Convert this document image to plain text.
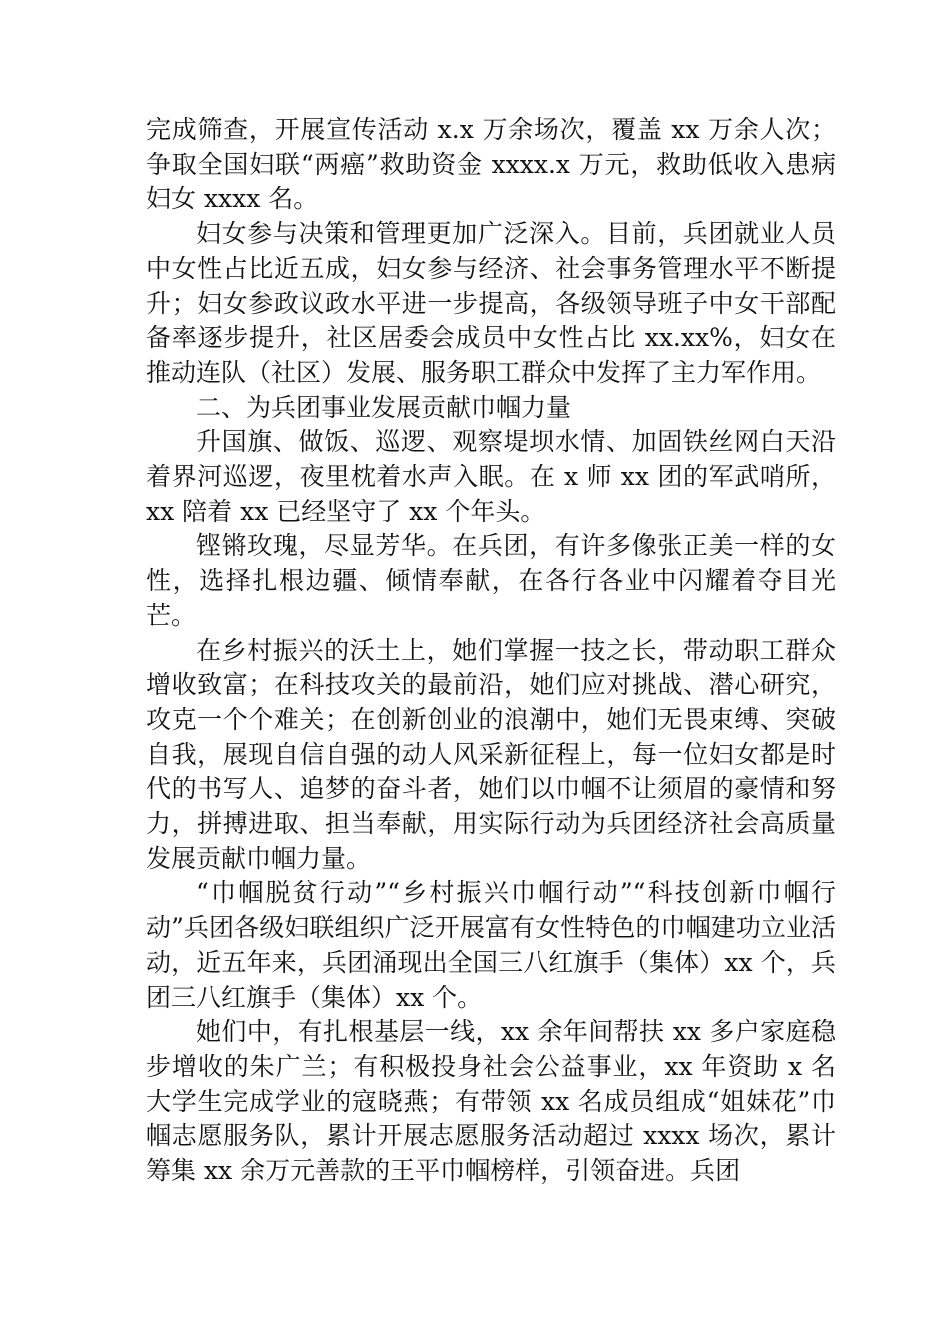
完成筛查，开展宣传活动 x.x 万余场次，覆盖 xx 万余人次；争取全国妇联“两癌”救助资金 xxxx.x 万元，救助低收入患病妇女 xxxx 名。

妇女参与决策和管理更加广泛深入。目前，兵团就业人员中女性占比近五成，妇女参与经济、社会事务管理水平不断提升；妇女参政议政水平进一步提高，各级领导班子中女干部配备率逐步提升，社区居委会成员中女性占比 xx.xx%，妇女在推动连队（社区）发展、服务职工群众中发挥了主力军作用。

二、为兵团事业发展贡献巾帼力量

升国旗、做饭、巡逻、观察堤坝水情、加固铁丝网白天沿着界河巡逻，夜里枕着水声入眠。在 x 师 xx 团的军武哨所，xx 陪着 xx 已经坚守了 xx 个年头。

铿锵玫瑰，尽显芳华。在兵团，有许多像张正美一样的女性，选择扎根边疆、倾情奉献，在各行各业中闪耀着夺目光芒。

在乡村振兴的沃土上，她们掌握一技之长，带动职工群众增收致富；在科技攻关的最前沿，她们应对挑战、潜心研究，攻克一个个难关；在创新创业的浪潮中，她们无畏束缚、突破自我，展现自信自强的动人风采新征程上，每一位妇女都是时代的书写人、追梦的奋斗者，她们以巾帼不让须眉的豪情和努力，拼搏进取、担当奉献，用实际行动为兵团经济社会高质量发展贡献巾帼力量。

“巾帼脱贫行动”“乡村振兴巾帼行动”“科技创新巾帼行动”兵团各级妇联组织广泛开展富有女性特色的巾帼建功立业活动，近五年来，兵团涌现出全国三八红旗手（集体）xx 个，兵团三八红旗手（集体）xx 个。

她们中，有扎根基层一线，xx 余年间帮扶 xx 多户家庭稳步增收的朱广兰；有积极投身社会公益事业，xx 年资助 x 名大学生完成学业的寇晓燕；有带领 xx 名成员组成“姐妹花”巾帼志愿服务队，累计开展志愿服务活动超过 xxxx 场次，累计筹集 xx 余万元善款的王平巾帼榜样，引领奋进。兵团
